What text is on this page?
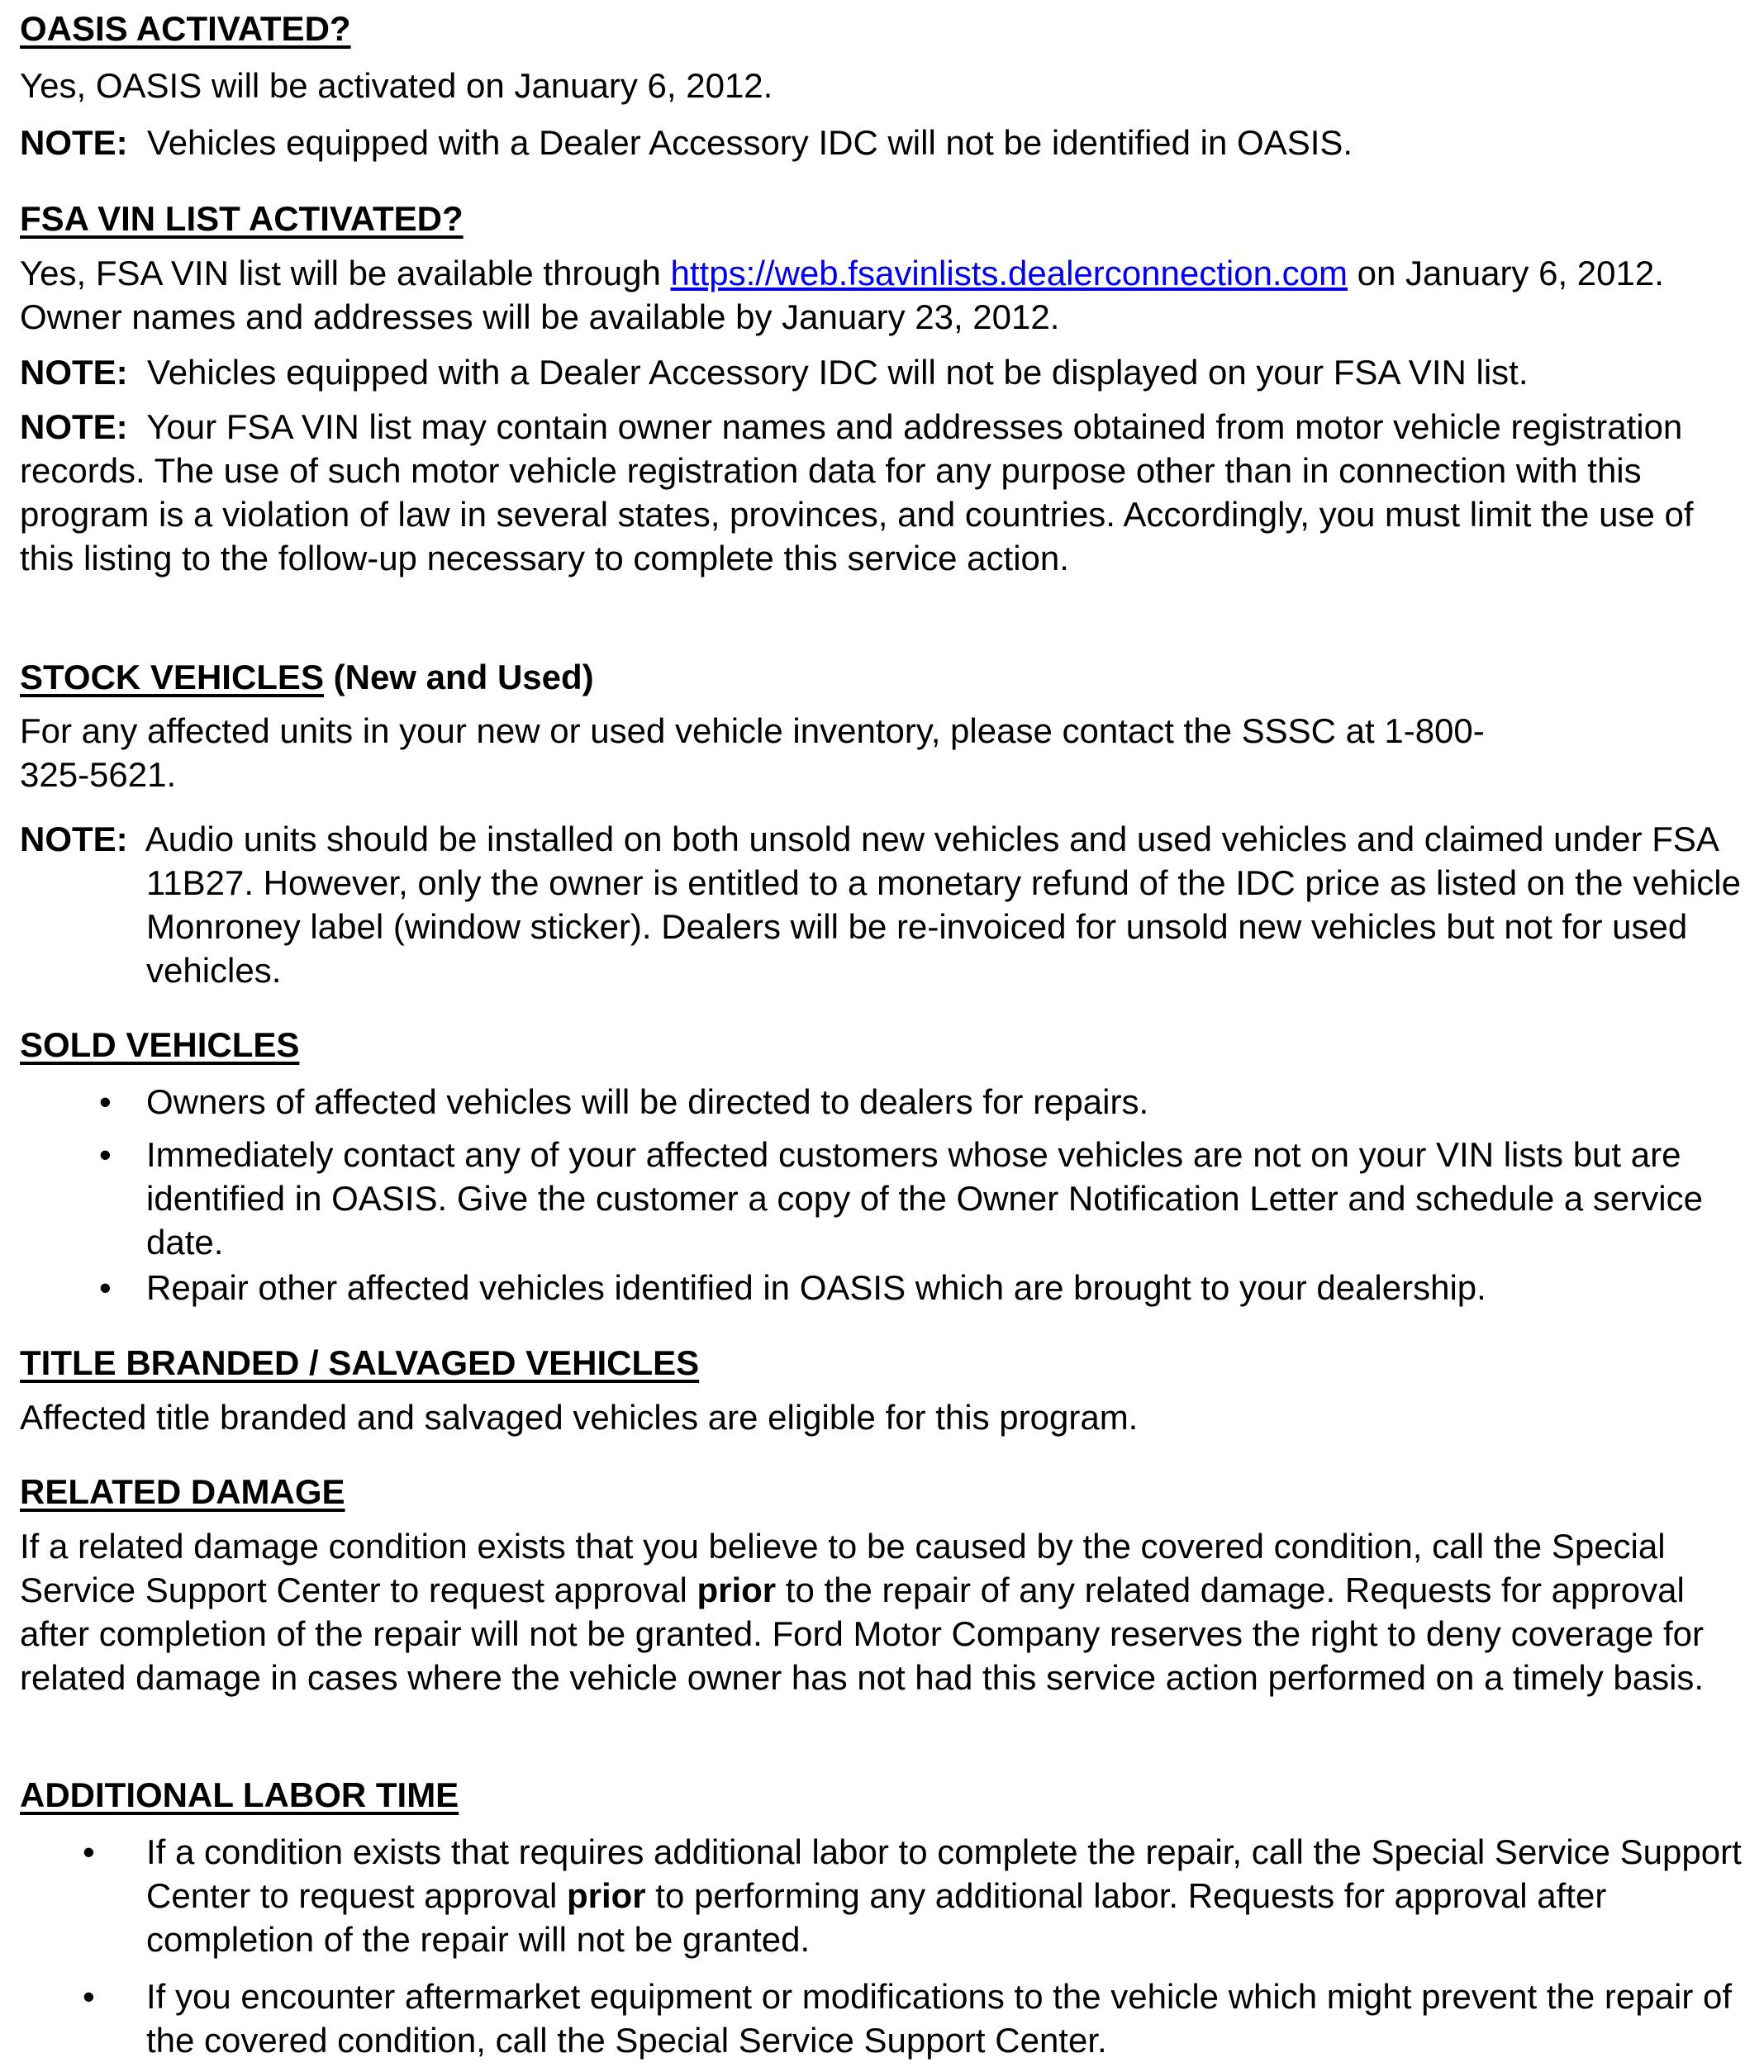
OASIS ACTIVATED?
Yes, OASIS will be activated on January 6, 2012.
NOTE: Vehicles equipped with a Dealer Accessory IDC will not be identified in OASIS.
FSA VIN LIST ACTIVATED?
Yes, FSA VIN list will be available through https://web.fsavinlists.dealerconnection.com on January 6, 2012. Owner names and addresses will be available by January 23, 2012.
NOTE: Vehicles equipped with a Dealer Accessory IDC will not be displayed on your FSA VIN list.
NOTE: Your FSA VIN list may contain owner names and addresses obtained from motor vehicle registration records. The use of such motor vehicle registration data for any purpose other than in connection with this program is a violation of law in several states, provinces, and countries. Accordingly, you must limit the use of this listing to the follow-up necessary to complete this service action.
STOCK VEHICLES (New and Used)
For any affected units in your new or used vehicle inventory, please contact the SSSC at 1-800-325-5621.
NOTE: Audio units should be installed on both unsold new vehicles and used vehicles and claimed under FSA 11B27. However, only the owner is entitled to a monetary refund of the IDC price as listed on the vehicle Monroney label (window sticker). Dealers will be re-invoiced for unsold new vehicles but not for used vehicles.
SOLD VEHICLES
• Owners of affected vehicles will be directed to dealers for repairs.
• Immediately contact any of your affected customers whose vehicles are not on your VIN lists but are identified in OASIS. Give the customer a copy of the Owner Notification Letter and schedule a service date.
• Repair other affected vehicles identified in OASIS which are brought to your dealership.
TITLE BRANDED / SALVAGED VEHICLES
Affected title branded and salvaged vehicles are eligible for this program.
RELATED DAMAGE
If a related damage condition exists that you believe to be caused by the covered condition, call the Special Service Support Center to request approval prior to the repair of any related damage. Requests for approval after completion of the repair will not be granted. Ford Motor Company reserves the right to deny coverage for related damage in cases where the vehicle owner has not had this service action performed on a timely basis.
ADDITIONAL LABOR TIME
• If a condition exists that requires additional labor to complete the repair, call the Special Service Support Center to request approval prior to performing any additional labor. Requests for approval after completion of the repair will not be granted.
• If you encounter aftermarket equipment or modifications to the vehicle which might prevent the repair of the covered condition, call the Special Service Support Center.
